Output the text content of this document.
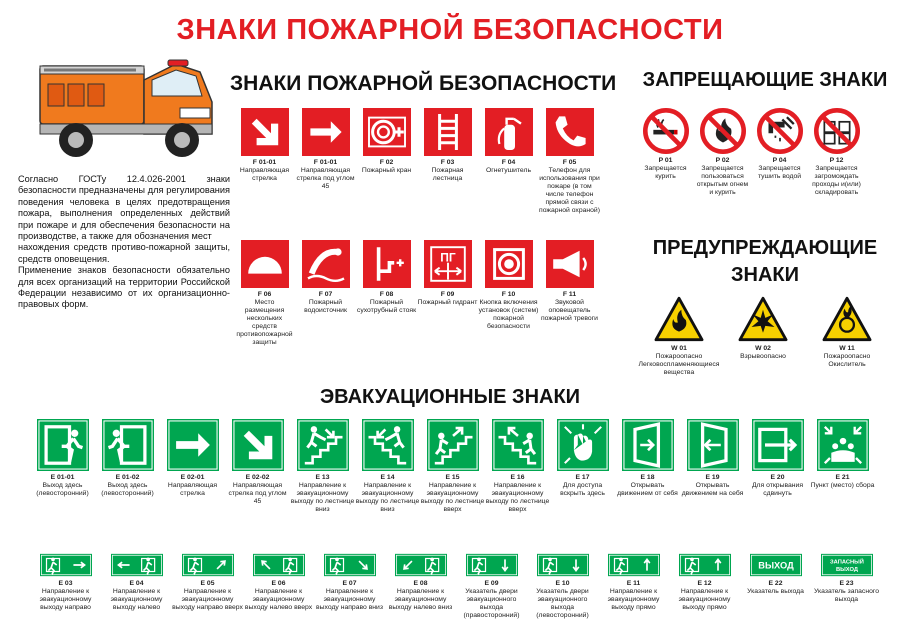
ЗНАКИ ПОЖАРНОЙ БЕЗОПАСНОСТИ
ЗНАКИ ПОЖАРНОЙ БЕЗОПАСНОСТИ	ЗАПРЕЩАЮЩИЕ ЗНАКИ
ПРЕДУПРЕЖДАЮЩИЕ ЗНАКИ
ЭВАКУАЦИОННЫЕ ЗНАКИ

Согласно ГОСТу 12.4.026-2001 знаки безопасности предназначены для регулирования поведения человека в целях предотвращения пожара, выполнения определенных действий при пожаре и для обеспечения безопасности на производстве, а также для обозначения мест

нахождения средств противо-пожарной защиты, средств оповещения.

Применение знаков безопасности обязательно для всех организаций на территории Российской Федерации независимо от их организационно-правовых форм.

F 01-01
Направляющая стрелка
F 01-01
Направляющая стрелка под углом 45
F 02
Пожарный кран
F 03
Пожарная лестница
F 04
Огнетушитель
F 05
Телефон для использования при пожаре (в том числе телефон прямой связи с пожарной охраной)
F 06
Место размещения нескольких средств противопожарной защиты
F 07
Пожарный водоисточник
F 08
Пожарный сухотрубный стояк
ПГ
F 09
Пожарный гидрант
F 10
Кнопка включения установок (систем) пожарной безопасности
F 11
Звуковой оповещатель пожарной тревоги
P 01
Запрещается курить
P 02
Запрещается пользоваться открытым огнем и курить
P 04
Запрещается тушить водой
P 12
Запрещается загромождать проходы и(или) складировать
W 01
Пожароопасно Легковоспламеняющиеся вещества
W 02
Взрывоопасно
W 11
Пожароопасно Окислитель
E 01-01
Выход здесь (левосторонний)
E 01-02
Выход здесь (левосторонний)
E 02-01
Направляющая стрелка
E 02-02
Направляющая стрелка под углом 45
E 13
Направление к эвакуационному выходу по лестнице вниз
E 14
Направление к эвакуационному выходу по лестнице вниз
E 15
Направление к эвакуационному выходу по лестнице вверх
E 16
Направление к эвакуационному выходу по лестнице вверх
E 17
Для доступа вскрыть здесь
E 18
Открывать движением от себя
E 19
Открывать движением на себя
E 20
Для открывания сдвинуть
E 21
Пункт (место) сбора
E 03
Направление к эвакуационному выходу направо
E 04
Направление к эвакуационному выходу налево
E 05
Направление к эвакуационному выходу направо вверх
E 06
Направление к эвакуационному выходу налево вверх
E 07
Направление к эвакуационному выходу направо вниз
E 08
Направление к эвакуационному выходу налево вниз
E 09
Указатель двери эвакуационного выхода (правосторонний)
E 10
Указатель двери эвакуационного выхода (левосторонний)
E 11
Направление к эвакуационному выходу прямо
E 12
Направление к эвакуационному выходу прямо
ВЫХОД
E 22
Указатель выхода
ЗАПАСНЫЙ
ВЫХОД
E 23
Указатель запасного выхода
